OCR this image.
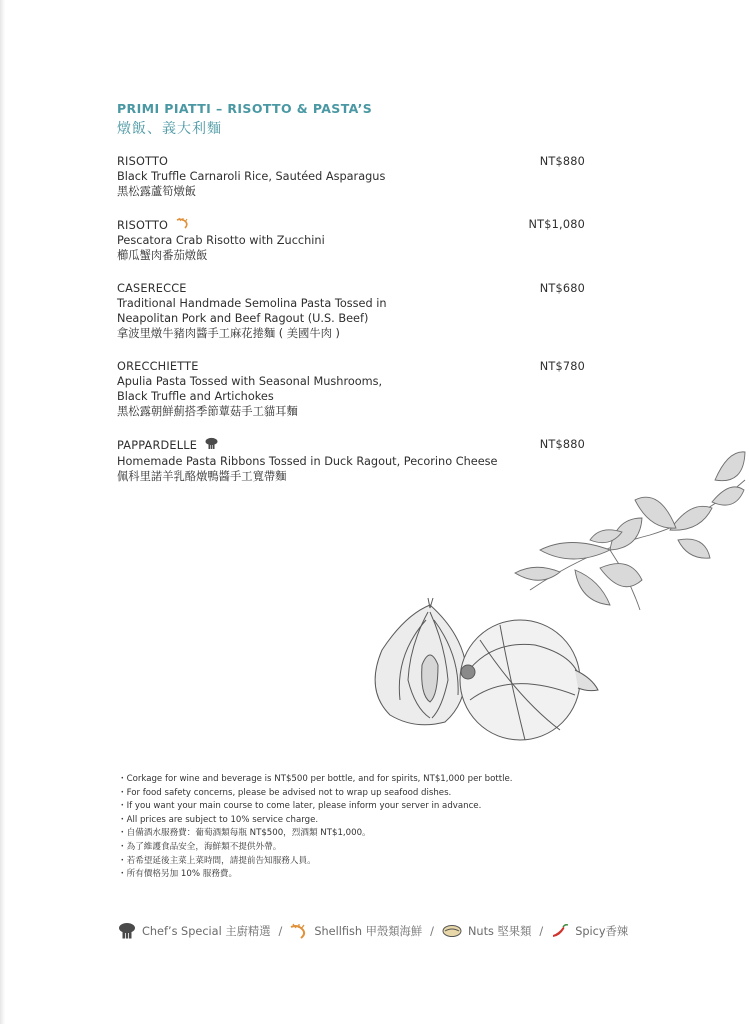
PRIMI PIATTI – RISOTTO & PASTA’S
燉飯、義大利麵
RISOTTO
Black Truffle Carnaroli Rice, Sautéed Asparagus
黑松露蘆筍燉飯
NT$880
RISOTTO
Pescatora Crab Risotto with Zucchini
櫛瓜蟹肉番茄燉飯
NT$1,080
CASERECCE
Traditional Handmade Semolina Pasta Tossed in
Neapolitan Pork and Beef Ragout (U.S. Beef)
拿波里燉牛豬肉醬手工麻花捲麵 ( 美國牛肉 )
NT$680
ORECCHIETTE
Apulia Pasta Tossed with Seasonal Mushrooms,
Black Truffle and Artichokes
黑松露朝鮮薊搭季節蕈菇手工貓耳麵
NT$780
PAPPARDELLE
Homemade Pasta Ribbons Tossed in Duck Ragout, Pecorino Cheese
佩科里諾羊乳酪燉鴨醬手工寬帶麵
NT$880
・Corkage for wine and beverage is NT$500 per bottle, and for spirits, NT$1,000 per bottle.
・For food safety concerns, please be advised not to wrap up seafood dishes.
・If you want your main course to come later, please inform your server in advance.
・All prices are subject to 10% service charge.
・自備酒水服務費：葡萄酒類每瓶 NT$500，烈酒類 NT$1,000。
・為了維護食品安全，海鮮類不提供外帶。
・若希望延後主菜上菜時間，請提前告知服務人員。
・所有價格另加 10% 服務費。
Chef’s Special 主廚精選 /	Shellfish 甲殼類海鮮 /	Nuts 堅果類 /	Spicy香辣
